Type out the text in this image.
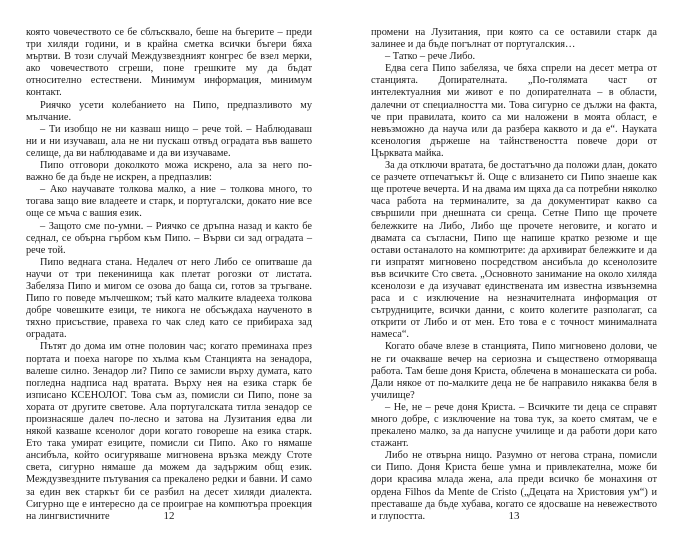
която човечеството се бе сблъсквало, беше на бъгерите – преди три хиляди години, и в крайна сметка всички бъгери бяха мъртви. В този случай Междузвездният конгрес бе взел мерки, ако човечеството сгреши, поне грешките му да бъдат относително естествени. Минимум информация, минимум контакт.

Риячко усети колебанието на Пипо, предпазливото му мълчание.

– Ти изобщо не ни казваш нищо – рече той. – Наблюдаваш ни и ни изучаваш, ала не ни пускаш отвъд оградата във вашето селище, да ви наблюдаваме и да ви изучаваме.

Пипо отговори доколкото можа искрено, ала за него по-важно бе да бъде не искрен, а предпазлив:

– Ако научавате толкова малко, а ние – толкова много, то тогава защо вие владеете и старк, и португалски, докато ние все още се мъча с вашия език.

– Защото сме по-умни. – Риячко се дръпна назад и както бе седнал, се обърна гърбом към Пипо. – Върви си зад оградата – рече той.

Пипо веднага стана. Недалеч от него Либо се опитваше да научи от три пекенинища как плетат рогозки от листата. Забеляза Пипо и мигом се озова до баща си, готов за тръгване. Пипо го поведе мълчешком; тъй като малките владееха толкова добре човешките езици, те никога не обсъждаха наученото в тяхно присъствие, правеха го чак след като се прибираха зад оградата.

Пътят до дома им отне половин час; когато преминаха през портата и поеха нагоре по хълма към Станцията на зенадора, валеше силно. Зенадор ли? Пипо се замисли върху думата, като погледна надписа над вратата. Върху нея на езика старк бе изписано КСЕНОЛОГ. Това съм аз, помисли си Пипо, поне за хората от другите светове. Ала португалската титла зенадор се произнасяше далеч по-лесно и затова на Лузитания едва ли някой казваше ксенолог дори когато говореше на езика старк. Ето така умират езиците, помисли си Пипо. Ако го нямаше ансибъла, който осигуряваше мигновена връзка между Стоте света, сигурно нямаше да можем да задържим общ език. Междузвездните пътувания са прекалено редки и бавни. И само за един век старкът би се разбил на десет хиляди диалекта. Сигурно ще е интересно да се проиграе на компютъра проекция на лингвистичните	12

промени на Лузитания, при която са се оставили старк да залинее и да бъде погълнат от португалския…

– Татко – рече Либо.

Едва сега Пипо забеляза, че бяха спрели на десет метра от станцията. Допирателната. „По-голямата част от интелектуалния ми живот е по допирателната – в области, далечни от специалността ми. Това сигурно се дължи на факта, че при правилата, които са ми наложени в моята област, е невъзможно да науча или да разбера каквото и да е“. Науката ксенология държеше на тайнствеността повече дори от Църквата майка.

За да отключи вратата, бе достатъчно да положи длан, докато се разчете отпечатъкът й. Още с влизането си Пипо знаеше как ще протече вечерта. И на двама им щяха да са потребни няколко часа работа на терминалите, за да документират какво са свършили при днешната си среща. Сетне Пипо ще прочете бележките на Либо, Либо ще прочете неговите, и когато и двамата са съгласни, Пипо ще напише кратко резюме и ще остави останалото на компютрите: да архивират бележките и да ги изпратят мигновено посредством ансибъла до ксенолозите във всичките Сто света. „Основното занимание на около хиляда ксенолози е да изучават единствената им известна извънземна раса и с изключение на незначителната информация от сътрудниците, всички данни, с които колегите разполагат, са открити от Либо и от мен. Ето това е с точност минималната намеса“.

Когато обаче влезе в станцията, Пипо мигновено долови, че не ги очакваше вечер на сериозна и съществено отморяваща работа. Там беше доня Криста, облечена в монашеската си роба. Дали някое от по-малките деца не бе направило някаква беля в училище?

– Не, не – рече доня Криста. – Всичките ти деца се справят много добре, с изключение на това тук, за което смятам, че е прекалено малко, за да напусне училище и да работи дори като стажант.

Либо не отвърна нищо. Разумно от негова страна, помисли си Пипо. Доня Криста беше умна и привлекателна, може би дори красива млада жена, ала преди всичко бе монахиня от ордена Filhos da Mente de Cristo („Децата на Христовия ум“) и преставаше да бъде хубава, когато се ядосваше на невежеството и глупостта.	13
